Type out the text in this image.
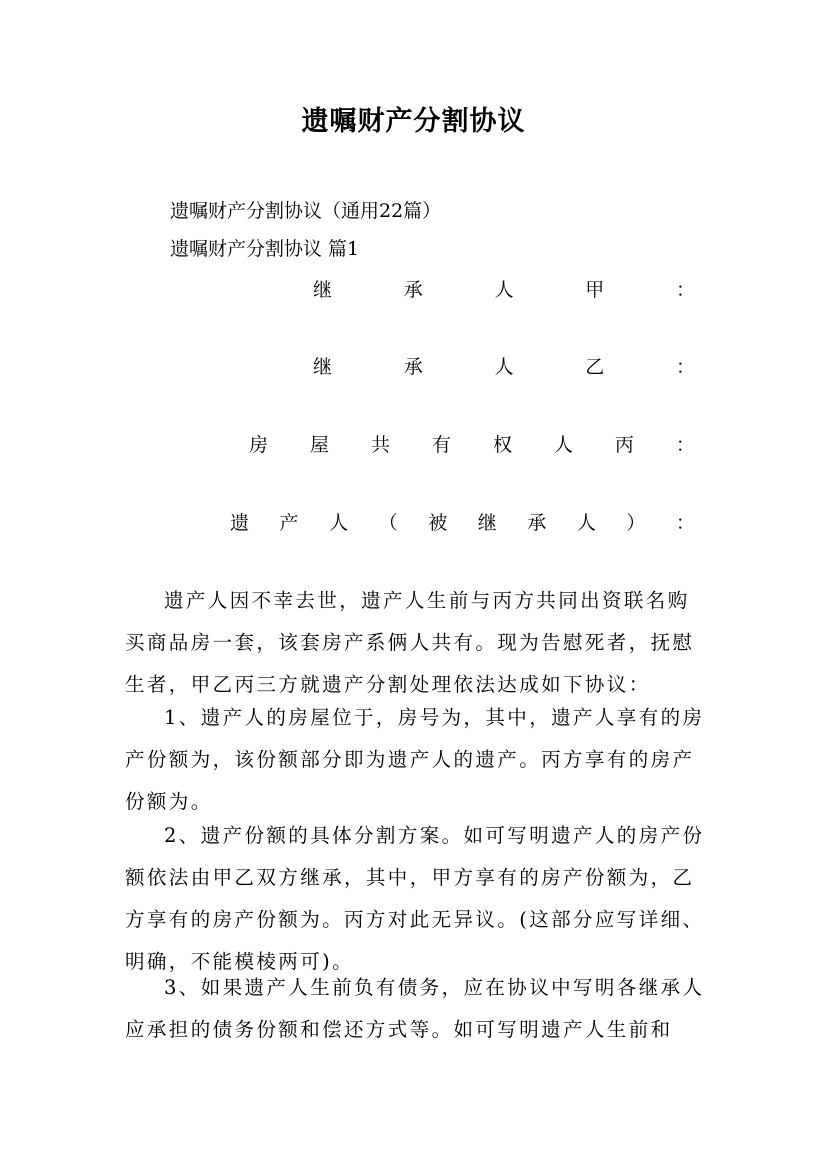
遗嘱财产分割协议
遗嘱财产分割协议（通用22篇）
遗嘱财产分割协议 篇1
继	承	人	甲	：
继	承	人	乙	：
房 屋 共 有 权 人 丙 ：
遗 产 人 （ 被 继 承 人 ） ：

遗产人因不幸去世，遗产人生前与丙方共同出资联名购买商品房一套，该套房产系俩人共有。现为告慰死者，抚慰生者，甲乙丙三方就遗产分割处理依法达成如下协议：

1、遗产人的房屋位于，房号为，其中，遗产人享有的房产份额为，该份额部分即为遗产人的遗产。丙方享有的房产份额为。

2、遗产份额的具体分割方案。如可写明遗产人的房产份额依法由甲乙双方继承，其中，甲方享有的房产份额为，乙方享有的房产份额为。丙方对此无异议。(这部分应写详细、明确，不能模棱两可)。

3、如果遗产人生前负有债务，应在协议中写明各继承人应承担的债务份额和偿还方式等。如可写明遗产人生前和
